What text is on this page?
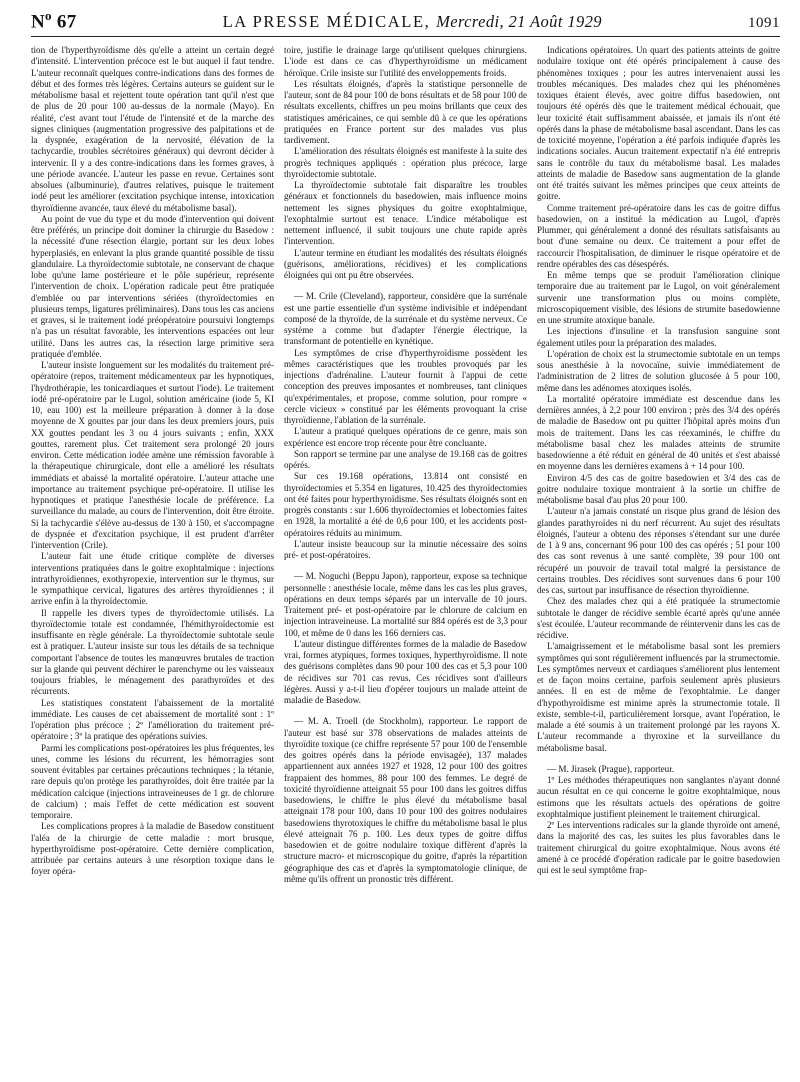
$N^o$ 67	LA PRESSE MÉDICALE, Mercredi, 21 Août 1929	1091

tion de l'hyperthyroïdisme dès qu'elle a atteint un certain degré d'intensité. L'intervention précoce est le but auquel il faut tendre. L'auteur reconnaît quelques contre-indications dans des formes de début et des formes très légères. Certains auteurs se guident sur le métabolisme basal et rejettent toute opération tant qu'il n'est que de plus de 20 pour 100 au-dessus de la normale (Mayo). En réalité, c'est avant tout l'étude de l'intensité et de la marche des signes cliniques (augmentation progressive des palpitations et de la dyspnée, exagération de la nervosité, élévation de la tachycardie, troubles sécrétoires généraux) qui devront décider à intervenir. Il y a des contre-indications dans les formes graves, à une période avancée. L'auteur les passe en revue. Certaines sont absolues (albuminurie), d'autres relatives, puisque le traitement iodé peut les améliorer (excitation psychique intense, intoxication thyroïdienne avancée, taux élevé du métabolisme basal).

Au point de vue du type et du mode d'intervention qui doivent être préférés, un principe doit dominer la chirurgie du Basedow : la nécessité d'une résection élargie, portant sur les deux lobes hyperplasiés, en enlevant la plus grande quantité possible de tissu glandulaire. La thyroïdectomie subtotale, ne conservant de chaque lobe qu'une lame postérieure et le pôle supérieur, représente l'intervention de choix. L'opération radicale peut être pratiquée d'emblée ou par interventions sériées (thyroïdectomies en plusieurs temps, ligatures préliminaires). Dans tous les cas anciens et graves, si le traitement iodé préopératoire poursuivi longtemps n'a pas un résultat favorable, les interventions espacées ont leur utilité. Dans les autres cas, la résection large primitive sera pratiquée d'emblée.

L'auteur insiste longuement sur les modalités du traitement pré-opératoire (repos, traitement médicamenteux par les hypnotiques, l'hydrothérapie, les tonicardiaques et surtout l'iode). Le traitement iodé pré-opératoire par le Lugol, solution américaine (iode 5, KI 10, eau 100) est la meilleure préparation à donner à la dose moyenne de X gouttes par jour dans les deux premiers jours, puis XX gouttes pendant les 3 ou 4 jours suivants ; enfin, XXX gouttes, rarement plus. Cet traitement sera prolongé 20 jours environ. Cette médication iodée amène une rémission favorable à la thérapeutique chirurgicale, dont elle a amélioré les résultats immédiats et abaissé la mortalité opératoire. L'auteur attache une importance au traitement psychique pré-opératoire. Il utilise les hypnotiques et pratique l'anesthésie locale de préférence. La surveillance du malade, au cours de l'intervention, doit être étroite. Si la tachycardie s'élève au-dessus de 130 à 150, et s'accompagne de dyspnée et d'excitation psychique, il est prudent d'arrêter l'intervention (Crile).

L'auteur fait une étude critique complète de diverses interventions pratiquées dans le goitre exophtalmique : injections intrathyroïdiennes, exothyropexie, intervention sur le thymus, sur le sympathique cervical, ligatures des artères thyroïdiennes ; il arrive enfin à la thyroïdectomie.

Il rappelle les divers types de thyroïdectomie utilisés. La thyroïdectomie totale est condamnée, l'hémithyroïdectomie est insuffisante en règle générale. La thyroïdectomie subtotale seule est à pratiquer. L'auteur insiste sur tous les détails de sa technique comportant l'absence de toutes les manœuvres brutales de traction sur la glande qui peuvent déchirer le parenchyme ou les vaisseaux toujours friables, le ménagement des parathyroïdes et des récurrents.

Les statistiques constatent l'abaissement de la mortalité immédiate. Les causes de cet abaissement de mortalité sont : 1º l'opération plus précoce ; 2º l'amélioration du traitement pré-opératoire ; 3º la pratique des opérations suivies.

Parmi les complications post-opératoires les plus fréquentes, les unes, comme les lésions du récurrent, les hémorragies sont souvent évitables par certaines précautions techniques ; la tétanie, rare depuis qu'on protège les parathyroïdes, doit être traitée par la médication calcique (injections intraveineuses de 1 gr. de chlorure de calcium) ; mais l'effet de cette médication est souvent temporaire.

Les complications propres à la maladie de Basedow constituent l'aléa de la chirurgie de cette maladie : mort brusque, hyperthyroïdisme post-opératoire. Cette dernière complication, attribuée par certains auteurs à une résorption toxique dans le foyer opéra-

toire, justifie le drainage large qu'utilisent quelques chirurgiens. L'iode est dans ce cas d'hyperthyroïdisme un médicament héroïque. Crile insiste sur l'utilité des enveloppements froids.

Les résultats éloignés, d'après la statistique personnelle de l'auteur, sont de 84 pour 100 de bons résultats et de 58 pour 100 de résultats excellents, chiffres un peu moins brillants que ceux des statistiques américaines, ce qui semble dû à ce que les opérations pratiquées en France portent sur des malades vus plus tardivement.

L'amélioration des résultats éloignés est manifeste à la suite des progrès techniques appliqués : opération plus précoce, large thyroïdectomie subtotale.

La thyroïdectomie subtotale fait disparaître les troubles généraux et fonctionnels du basedowien, mais influence moins nettement les signes physiques du goitre exophtalmique, l'exophtalmie surtout est tenace. L'indice métabolique est nettement influencé, il subit toujours une chute rapide après l'intervention.

L'auteur termine en étudiant les modalités des résultats éloignés (guérisons, améliorations, récidives) et les complications éloignées qui ont pu être observées.

— M. Crile (Cleveland), rapporteur, considère que la surrénale est une partie essentielle d'un système indivisible et indépendant composé de la thyroïde, de la surrénale et du système nerveux. Ce système a comme but d'adapter l'énergie électrique, la transformant de potentielle en kynétique.

Les symptômes de crise d'hyperthyroïdisme possèdent les mêmes caractéristiques que les troubles provoqués par les injections d'adrénaline. L'auteur fournit à l'appui de cette conception des preuves imposantes et nombreuses, tant cliniques qu'expérimentales, et propose, comme solution, pour rompre « cercle vicieux » constitué par les éléments provoquant la crise thyroïdienne, l'ablation de la surrénale.

L'auteur a pratiqué quelques opérations de ce genre, mais son expérience est encore trop récente pour être concluante.

Son rapport se termine par une analyse de 19.168 cas de goitres opérés.

Sur ces 19.168 opérations, 13.814 ont consisté en thyroïdectomies et 5.354 en ligatures, 10.425 des thyroïdectomies ont été faites pour hyperthyroïdisme. Ses résultats éloignés sont en progrès constants : sur 1.606 thyroïdectomies et lobectomies faites en 1928, la mortalité a été de 0,6 pour 100, et les accidents post-opératoires réduits au minimum.

L'auteur insiste beaucoup sur la minutie nécessaire des soins pré- et post-opératoires.

— M. Noguchi (Beppu Japon), rapporteur, expose sa technique personnelle : anesthésie locale, même dans les cas les plus graves, opérations en deux temps séparés par un intervalle de 10 jours. Traitement pré- et post-opératoire par le chlorure de calcium en injection intraveineuse. La mortalité sur 884 opérés est de 3,3 pour 100, et même de 0 dans les 166 derniers cas.

L'auteur distingue différentes formes de la maladie de Basedow vrai, formes atypiques, formes toxiques, hyperthyroïdisme. Il note des guérisons complètes dans 90 pour 100 des cas et 5,3 pour 100 de récidives sur 701 cas revus. Ces récidives sont d'ailleurs légères. Aussi y a-t-il lieu d'opérer toujours un malade atteint de maladie de Basedow.

— M. A. Troell (de Stockholm), rapporteur. Le rapport de l'auteur est basé sur 378 observations de malades atteints de thyroïdite toxique (ce chiffre représente 57 pour 100 de l'ensemble des goitres opérés dans la période envisagée), 137 malades appartiennent aux années 1927 et 1928, 12 pour 100 des goitres frappaient des hommes, 88 pour 100 des femmes. Le degré de toxicité thyroïdienne atteignait 55 pour 100 dans les goitres diffus basedowiens, le chiffre le plus élevé du métabolisme basal atteignait 178 pour 100, dans 10 pour 100 des goitres nodulaires basedowiens thyrotoxiques le chiffre du métabolisme basal le plus élevé atteignait 76 p. 100. Les deux types de goitre diffus basedowien et de goitre nodulaire toxique diffèrent d'après la structure macro- et microscopique du goitre, d'après la répartition géographique des cas et d'après la symptomatologie clinique, de même qu'ils offrent un pronostic très différent.

Indications opératoires. Un quart des patients atteints de goitre nodulaire toxique ont été opérés principalement à cause des phénomènes toxiques ; pour les autres intervenaient aussi les troubles mécaniques. Des malades chez qui les phénomènes toxiques étaient élevés, avec goitre diffus basedowien, ont toujours été opérés dès que le traitement médical échouait, que leur toxicité était suffisamment abaissée, et jamais ils n'ont été opérés dans la phase de métabolisme basal ascendant. Dans les cas de toxicité moyenne, l'opération a été parfois indiquée d'après les indications sociales. Aucun traitement expectatif n'a été entrepris sans le contrôle du taux du métabolisme basal. Les malades atteints de maladie de Basedow sans augmentation de la glande ont été traités suivant les mêmes principes que ceux atteints de goitre.

Comme traitement pré-opératoire dans les cas de goitre diffus basedowien, on a institué la médication au Lugol, d'après Plummer, qui généralement a donné des résultats satisfaisants au bout d'une semaine ou deux. Ce traitement a pour effet de raccourcir l'hospitalisation, de diminuer le risque opératoire et de rendre opérables des cas désespérés.

En même temps que se produit l'amélioration clinique temporaire due au traitement par le Lugol, on voit généralement survenir une transformation plus ou moins complète, microscopiquement visible, des lésions de strumite basedowienne en une strumite atoxique banale.

Les injections d'insuline et la transfusion sanguine sont également utiles pour la préparation des malades.

L'opération de choix est la strumectomie subtotale en un temps sous anesthésie à la novocaïne, suivie immédiatement de l'administration de 2 litres de solution glucosée à 5 pour 100, même dans les adénomes atoxiques isolés.

La mortalité opératoire immédiate est descendue dans les dernières années, à 2,2 pour 100 environ ; près des 3/4 des opérés de maladie de Basedow ont pu quitter l'hôpital après moins d'un mois de traitement. Dans les cas réexaminés, le chiffre du métabolisme basal chez les malades atteints de strumite basedowienne a été réduit en général de 40 unités et s'est abaissé en moyenne dans les dernières examens à + 14 pour 100.

Environ 4/5 des cas de goitre basedowien et 3/4 des cas de goitre nodulaire toxique montraient à la sortie un chiffre de métabolisme basal d'au plus 20 pour 100.

L'auteur n'a jamais constaté un risque plus grand de lésion des glandes parathyroïdes ni du nerf récurrent. Au sujet des résultats éloignés, l'auteur a obtenu des réponses s'étendant sur une durée de 1 à 9 ans, concernant 96 pour 100 des cas opérés ; 51 pour 100 des cas sont revenus à une santé complète, 39 pour 100 ont récupéré un pouvoir de travail total malgré la persistance de certains troubles. Des récidives sont survenues dans 6 pour 100 des cas, surtout par insuffisance de résection thyroïdienne.

Chez des malades chez qui a été pratiquée la strumectomie subtotale le danger de récidive semble écarté après qu'une année s'est écoulée. L'auteur recommande de réintervenir dans les cas de récidive.

L'amaigrissement et le métabolisme basal sont les premiers symptômes qui sont régulièrement influencés par la strumectomie. Les symptômes nerveux et cardiaques s'améliorent plus lentement et de façon moins certaine, parfois seulement après plusieurs années. Il en est de même de l'exophtalmie. Le danger d'hypothyroïdisme est minime après la strumectomie totale. Il existe, semble-t-il, particulièrement lorsque, avant l'opération, le malade a été soumis à un traitement prolongé par les rayons X. L'auteur recommande a thyroxine et la surveillance du métabolisme basal.

— M. Jirasek (Prague), rapporteur.

1º Les méthodes thérapeutiques non sanglantes n'ayant donné aucun résultat en ce qui concerne le goitre exophtalmique, nous estimons que les résultats actuels des opérations de goitre exophtalmique justifient pleinement le traitement chirurgical.

2º Les interventions radicales sur la glande thyroïde ont amené, dans la majorité des cas, les suites les plus favorables dans le traitement chirurgical du goitre exophtalmique. Nous avons été amené à ce procédé d'opération radicale par le goitre basedowien qui est le seul symptôme frap-
